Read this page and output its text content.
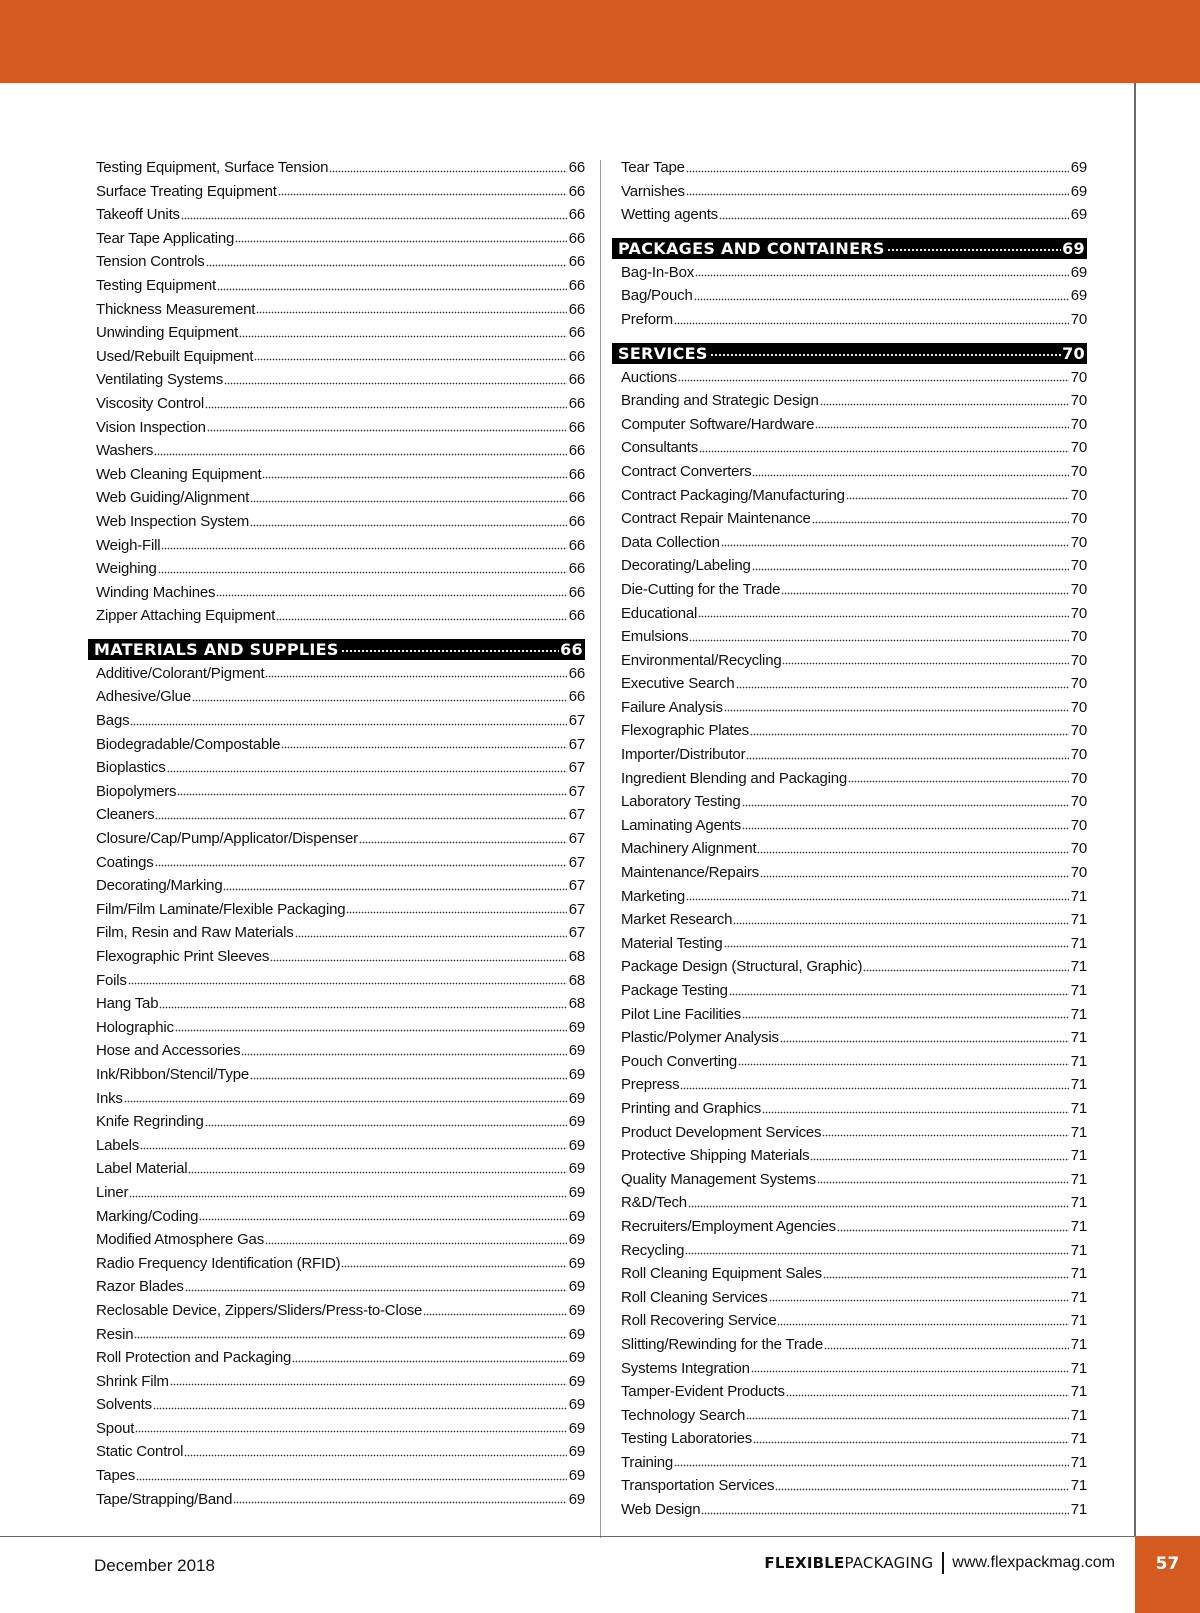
Testing Equipment, Surface Tension	66
Surface Treating Equipment	66
Takeoff Units	66
Tear Tape Applicating	66
Tension Controls	66
Testing Equipment	66
Thickness Measurement	66
Unwinding Equipment	66
Used/Rebuilt Equipment	66
Ventilating Systems	66
Viscosity Control	66
Vision Inspection	66
Washers	66
Web Cleaning Equipment	66
Web Guiding/Alignment	66
Web Inspection System	66
Weigh-Fill	66
Weighing	66
Winding Machines	66
Zipper Attaching Equipment	66
MATERIALS AND SUPPLIES	66
Additive/Colorant/Pigment	66
Adhesive/Glue	66
Bags	67
Biodegradable/Compostable	67
Bioplastics	67
Biopolymers	67
Cleaners	67
Closure/Cap/Pump/Applicator/Dispenser	67
Coatings	67
Decorating/Marking	67
Film/Film Laminate/Flexible Packaging	67
Film, Resin and Raw Materials	67
Flexographic Print Sleeves	68
Foils	68
Hang Tab	68
Holographic	69
Hose and Accessories	69
Ink/Ribbon/Stencil/Type	69
Inks	69
Knife Regrinding	69
Labels	69
Label Material	69
Liner	69
Marking/Coding	69
Modified Atmosphere Gas	69
Radio Frequency Identification (RFID)	69
Razor Blades	69
Reclosable Device, Zippers/Sliders/Press-to-Close	69
Resin	69
Roll Protection and Packaging	69
Shrink Film	69
Solvents	69
Spout	69
Static Control	69
Tapes	69
Tape/Strapping/Band	69
Tear Tape	69
Varnishes	69
Wetting agents	69
PACKAGES AND CONTAINERS	69
Bag-In-Box	69
Bag/Pouch	69
Preform	70
SERVICES	70
Auctions	70
Branding and Strategic Design	70
Computer Software/Hardware	70
Consultants	70
Contract Converters	70
Contract Packaging/Manufacturing	70
Contract Repair Maintenance	70
Data Collection	70
Decorating/Labeling	70
Die-Cutting for the Trade	70
Educational	70
Emulsions	70
Environmental/Recycling	70
Executive Search	70
Failure Analysis	70
Flexographic Plates	70
Importer/Distributor	70
Ingredient Blending and Packaging	70
Laboratory Testing	70
Laminating Agents	70
Machinery Alignment	70
Maintenance/Repairs	70
Marketing	71
Market Research	71
Material Testing	71
Package Design (Structural, Graphic)	71
Package Testing	71
Pilot Line Facilities	71
Plastic/Polymer Analysis	71
Pouch Converting	71
Prepress	71
Printing and Graphics	71
Product Development Services	71
Protective Shipping Materials	71
Quality Management Systems	71
R&D/Tech	71
Recruiters/Employment Agencies	71
Recycling	71
Roll Cleaning Equipment Sales	71
Roll Cleaning Services	71
Roll Recovering Service	71
Slitting/Rewinding for the Trade	71
Systems Integration	71
Tamper-Evident Products	71
Technology Search	71
Testing Laboratories	71
Training	71
Transportation Services	71
Web Design	71
December 2018	FLEXIBLE PACKAGING www.flexpackmag.com 57
